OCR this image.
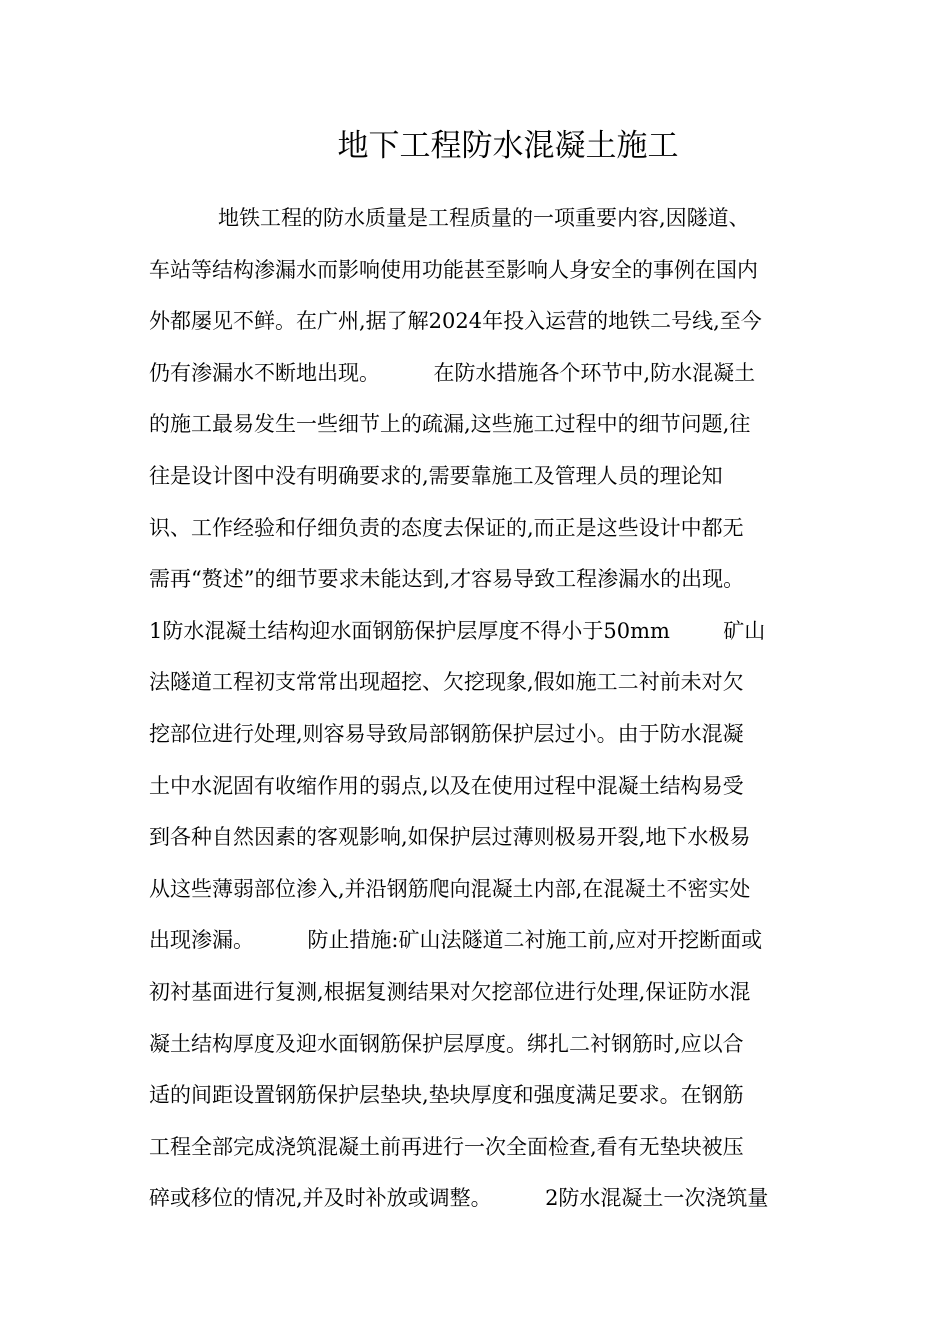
地下工程防水混凝土施工
地铁工程的防水质量是工程质量的一项重要内容,因隧道、
车站等结构渗漏水而影响使用功能甚至影响人身安全的事例在国内
外都屡见不鲜。在广州,据了解2024年投入运营的地铁二号线,至今
仍有渗漏水不断地出现。        在防水措施各个环节中,防水混凝土
的施工最易发生一些细节上的疏漏,这些施工过程中的细节问题,往
往是设计图中没有明确要求的,需要靠施工及管理人员的理论知
识、工作经验和仔细负责的态度去保证的,而正是这些设计中都无
需再“赘述”的细节要求未能达到,才容易导致工程渗漏水的出现。
1防水混凝土结构迎水面钢筋保护层厚度不得小于50mm        矿山
法隧道工程初支常常出现超挖、欠挖现象,假如施工二衬前未对欠
挖部位进行处理,则容易导致局部钢筋保护层过小。由于防水混凝
土中水泥固有收缩作用的弱点,以及在使用过程中混凝土结构易受
到各种自然因素的客观影响,如保护层过薄则极易开裂,地下水极易
从这些薄弱部位渗入,并沿钢筋爬向混凝土内部,在混凝土不密实处
出现渗漏。        防止措施:矿山法隧道二衬施工前,应对开挖断面或
初衬基面进行复测,根据复测结果对欠挖部位进行处理,保证防水混
凝土结构厚度及迎水面钢筋保护层厚度。绑扎二衬钢筋时,应以合
适的间距设置钢筋保护层垫块,垫块厚度和强度满足要求。在钢筋
工程全部完成浇筑混凝土前再进行一次全面检查,看有无垫块被压
碎或移位的情况,并及时补放或调整。        2防水混凝土一次浇筑量
